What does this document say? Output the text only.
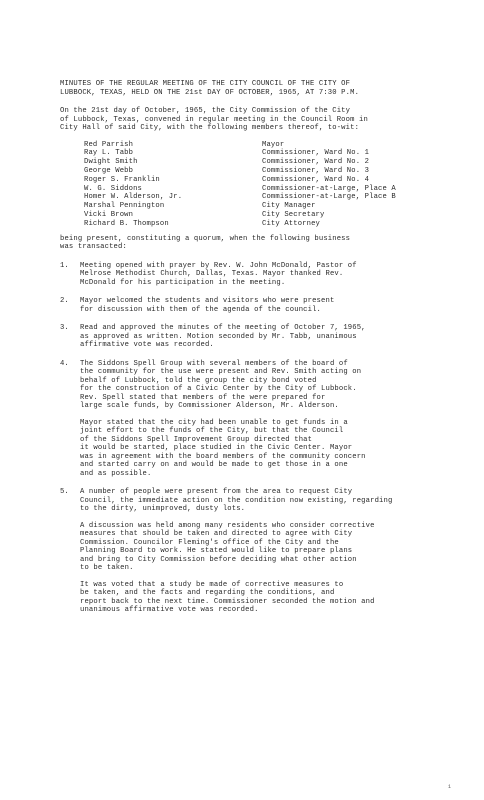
MINUTES OF THE REGULAR MEETING OF THE CITY COUNCIL OF THE CITY OF
LUBBOCK, TEXAS, HELD ON THE 21st DAY OF OCTOBER, 1965, AT 7:30 P.M.
On the 21st day of October, 1965, the City Commission of the City
of Lubbock, Texas, convened in regular meeting in the Council Room in
City Hall of said City, with the following members thereof, to-wit:
Red Parrish	Mayor
Ray L. Tabb	Commissioner, Ward No. 1
Dwight Smith	Commissioner, Ward No. 2
George Webb	Commissioner, Ward No. 3
Roger S. Franklin	Commissioner, Ward No. 4
W. G. Siddons	Commissioner-at-Large, Place A
Homer W. Alderson, Jr.	Commissioner-at-Large, Place B
Marshal Pennington	City Manager
Vicki Brown	City Secretary
Richard B. Thompson	City Attorney
being present, constituting a quorum, when the following business
was transacted:
1. Meeting opened with prayer by Rev. W. John McDonald, Pastor of
Melrose Methodist Church, Dallas, Texas. Mayor thanked Rev.
McDonald for his participation in the meeting.
2. Mayor welcomed the students and visitors who were present
for discussion with them of the agenda of the council.
3. Read and approved the minutes of the meeting of October 7, 1965,
as approved as written. Motion seconded by Mr. Tabb, unanimous
affirmative vote was recorded.
4. The Siddons Spell Group with several members of the board of
the community for the use were present and Rev. Smith acting on
behalf of Lubbock, told the group the city bond voted
for the construction of a Civic Center by the City of Lubbock.
Rev. Spell stated that members of the were prepared for
large scale funds, by Commissioner Alderson, Mr. Alderson.
Mayor stated that the city had been unable to get funds in a
joint effort to the funds of the City, but that the Council
of the Siddons Spell Improvement Group directed that
it would be started, place studied in the Civic Center. Mayor
was in agreement with the board members of the community concern
and started carry on and would be made to get those in a one
and as possible.
5. A number of people were present from the area to request City
Council, the immediate action on the condition now existing, regarding
to the dirty, unimproved, dusty lots.
A discussion was held among many residents who consider corrective
measures that should be taken and directed to agree with City
Commission. Councilor Fleming's office of the City and the
Planning Board to work. He stated would like to prepare plans
and bring to City Commission before deciding what other action
to be taken.
It was voted that a study be made of corrective measures to
be taken, and the facts and regarding the conditions, and
report back to the next time. Commissioner seconded the motion and
unanimous affirmative vote was recorded.
1
